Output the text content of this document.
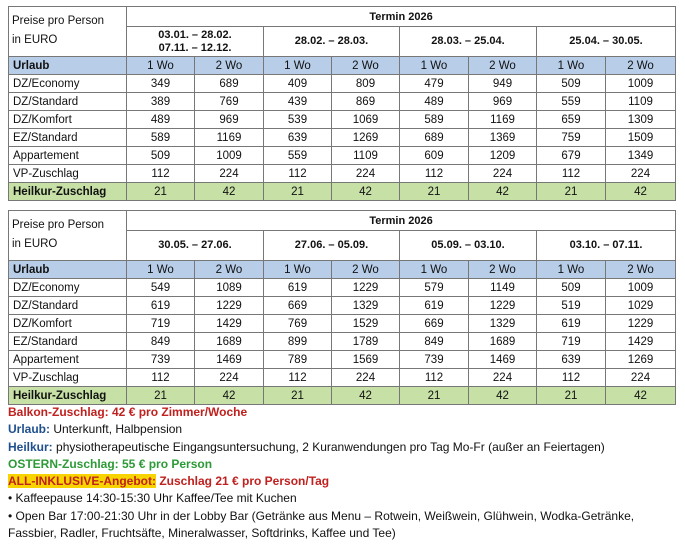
Preise pro Person
in EURO	Termin 2026							

	03.01. – 28.02.
07.11. – 12.12.		28.02. – 28.03.		28.03. – 25.04.		25.04. – 30.05.	

Urlaub	1 Wo	2 Wo	1 Wo	2 Wo	1 Wo	2 Wo	1 Wo	2 Wo
DZ/Economy	349	689	409	809	479	949	509	1009
DZ/Standard	389	769	439	869	489	969	559	1109
DZ/Komfort	489	969	539	1069	589	1169	659	1309
EZ/Standard	589	1169	639	1269	689	1369	759	1509
Appartement	509	1009	559	1109	609	1209	679	1349
VP-Zuschlag	112	224	112	224	112	224	112	224
Heilkur-Zuschlag	21	42	21	42	21	42	21	42
Preise pro Person
in EURO	Termin 2026							

	30.05. – 27.06.		27.06. – 05.09.		05.09. – 03.10.		03.10. – 07.11.	

Urlaub	1 Wo	2 Wo	1 Wo	2 Wo	1 Wo	2 Wo	1 Wo	2 Wo
DZ/Economy	549	1089	619	1229	579	1149	509	1009
DZ/Standard	619	1229	669	1329	619	1229	519	1029
DZ/Komfort	719	1429	769	1529	669	1329	619	1229
EZ/Standard	849	1689	899	1789	849	1689	719	1429
Appartement	739	1469	789	1569	739	1469	639	1269
VP-Zuschlag	112	224	112	224	112	224	112	224
Heilkur-Zuschlag	21	42	21	42	21	42	21	42
Balkon-Zuschlag: 42 € pro Zimmer/Woche
Urlaub: Unterkunft, Halbpension
Heilkur: physiotherapeutische Eingangsuntersuchung, 2 Kuranwendungen pro Tag Mo-Fr (außer an Feiertagen)
OSTERN-Zuschlag: 55 € pro Person
ALL-INKLUSIVE-Angebot: Zuschlag 21 € pro Person/Tag
• Kaffeepause 14:30-15:30 Uhr Kaffee/Tee mit Kuchen
• Open Bar 17:00-21:30 Uhr in der Lobby Bar (Getränke aus Menu – Rotwein, Weißwein, Glühwein, Wodka-Getränke, Fassbier, Radler, Fruchtsäfte, Mineralwasser, Softdrinks, Kaffee und Tee)
